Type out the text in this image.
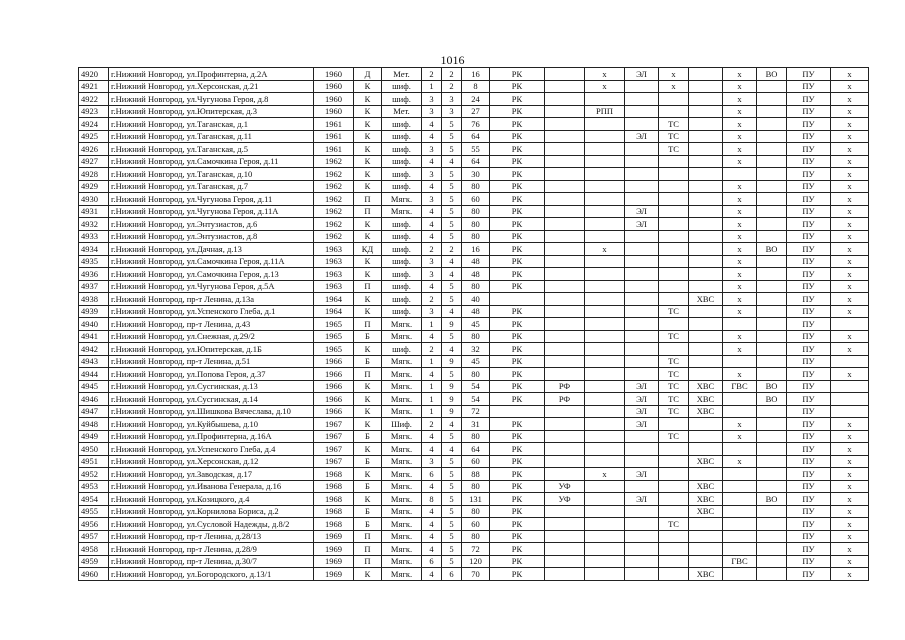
1016
4920	г.Нижний Новгород, ул.Профинтерна, д.2А	1960	Д	Мет.	2	2	16	РК		х	ЭЛ	х		х	ВО	ПУ	х
4921	г.Нижний Новгород, ул.Херсонская, д.21	1960	К	шиф.	1	2	8	РК		х		х		х		ПУ	х
4922	г.Нижний Новгород, ул.Чугунова Героя, д.8	1960	К	шиф.	3	3	24	РК						х		ПУ	х
4923	г.Нижний Новгород, ул.Юпитерская, д.3	1960	К	Мет.	3	3	27	РК		РПП				х		ПУ	х
4924	г.Нижний Новгород, ул.Таганская, д.1	1961	К	шиф.	4	5	76	РК				ТС		х		ПУ	х
4925	г.Нижний Новгород, ул.Таганская, д.11	1961	К	шиф.	4	5	64	РК			ЭЛ	ТС		х		ПУ	х
4926	г.Нижний Новгород, ул.Таганская, д.5	1961	К	шиф.	3	5	55	РК				ТС		х		ПУ	х
4927	г.Нижний Новгород, ул.Самочкина Героя, д.11	1962	К	шиф.	4	4	64	РК						х		ПУ	х
4928	г.Нижний Новгород, ул.Таганская, д.10	1962	К	шиф.	3	5	30	РК								ПУ	х
4929	г.Нижний Новгород, ул.Таганская, д.7	1962	К	шиф.	4	5	80	РК						х		ПУ	х
4930	г.Нижний Новгород, ул.Чугунова Героя, д.11	1962	П	Мягк.	3	5	60	РК						х		ПУ	х
4931	г.Нижний Новгород, ул.Чугунова Героя, д.11А	1962	П	Мягк.	4	5	80	РК			ЭЛ			х		ПУ	х
4932	г.Нижний Новгород, ул.Энтузиастов, д.6	1962	К	шиф.	4	5	80	РК			ЭЛ			х		ПУ	х
4933	г.Нижний Новгород, ул.Энтузиастов, д.8	1962	К	шиф.	4	5	80	РК						х		ПУ	х
4934	г.Нижний Новгород, ул.Дачная, д.13	1963	КД	шиф.	2	2	16	РК		х				х	ВО	ПУ	х
4935	г.Нижний Новгород, ул.Самочкина Героя, д.11А	1963	К	шиф.	3	4	48	РК						х		ПУ	х
4936	г.Нижний Новгород, ул.Самочкина Героя, д.13	1963	К	шиф.	3	4	48	РК						х		ПУ	х
4937	г.Нижний Новгород, ул.Чугунова Героя, д.5А	1963	П	шиф.	4	5	80	РК						х		ПУ	х
4938	г.Нижний Новгород, пр-т Ленина, д.13а	1964	К	шиф.	2	5	40						ХВС	х		ПУ	х
4939	г.Нижний Новгород, ул.Успенского Глеба, д.1	1964	К	шиф.	3	4	48	РК				ТС		х		ПУ	х
4940	г.Нижний Новгород, пр-т Ленина, д.43	1965	П	Мягк.	1	9	45	РК								ПУ	
4941	г.Нижний Новгород, ул.Снежная, д.29/2	1965	Б	Мягк.	4	5	80	РК				ТС		х		ПУ	х
4942	г.Нижний Новгород, ул.Юпитерская, д.1Б	1965	К	шиф.	2	4	32	РК						х		ПУ	х
4943	г.Нижний Новгород, пр-т Ленина, д.51	1966	Б	Мягк.	1	9	45	РК				ТС				ПУ	
4944	г.Нижний Новгород, ул.Попова Героя, д.37	1966	П	Мягк.	4	5	80	РК				ТС		х		ПУ	х
4945	г.Нижний Новгород, ул.Сусгинская, д.13	1966	К	Мягк.	1	9	54	РК	РФ		ЭЛ	ТС	ХВС	ГВС	ВО	ПУ	
4946	г.Нижний Новгород, ул.Сусгинская, д.14	1966	К	Мягк.	1	9	54	РК	РФ		ЭЛ	ТС	ХВС		ВО	ПУ	
4947	г.Нижний Новгород, ул.Шишкова Вячеслава, д.10	1966	К	Мягк.	1	9	72				ЭЛ	ТС	ХВС			ПУ	
4948	г.Нижний Новгород, ул.Куйбышева, д.10	1967	К	Шиф.	2	4	31	РК			ЭЛ			х		ПУ	х
4949	г.Нижний Новгород, ул.Профинтерна, д.16А	1967	Б	Мягк.	4	5	80	РК				ТС		х		ПУ	х
4950	г.Нижний Новгород, ул.Успенского Глеба, д.4	1967	К	Мягк.	4	4	64	РК								ПУ	х
4951	г.Нижний Новгород, ул.Херсонская, д.12	1967	Б	Мягк.	3	5	60	РК					ХВС	х		ПУ	х
4952	г.Нижний Новгород, ул.Заводская, д.17	1968	К	Мягк.	6	5	88	РК		х	ЭЛ					ПУ	х
4953	г.Нижний Новгород, ул.Иванова Генерала, д.16	1968	Б	Мягк.	4	5	80	РК	УФ				ХВС			ПУ	х
4954	г.Нижний Новгород, ул.Козицкого, д.4	1968	К	Мягк.	8	5	131	РК	УФ		ЭЛ		ХВС		ВО	ПУ	х
4955	г.Нижний Новгород, ул.Корнилова Бориса, д.2	1968	Б	Мягк.	4	5	80	РК					ХВС			ПУ	х
4956	г.Нижний Новгород, ул.Сусловой Надежды, д.8/2	1968	Б	Мягк.	4	5	60	РК				ТС				ПУ	х
4957	г.Нижний Новгород, пр-т Ленина, д.28/13	1969	П	Мягк.	4	5	80	РК								ПУ	х
4958	г.Нижний Новгород, пр-т Ленина, д.28/9	1969	П	Мягк.	4	5	72	РК								ПУ	х
4959	г.Нижний Новгород, пр-т Ленина, д.30/7	1969	П	Мягк.	6	5	120	РК						ГВС		ПУ	х
4960	г.Нижний Новгород, ул.Богородского, д.13/1	1969	К	Мягк.	4	6	70	РК					ХВС			ПУ	х
